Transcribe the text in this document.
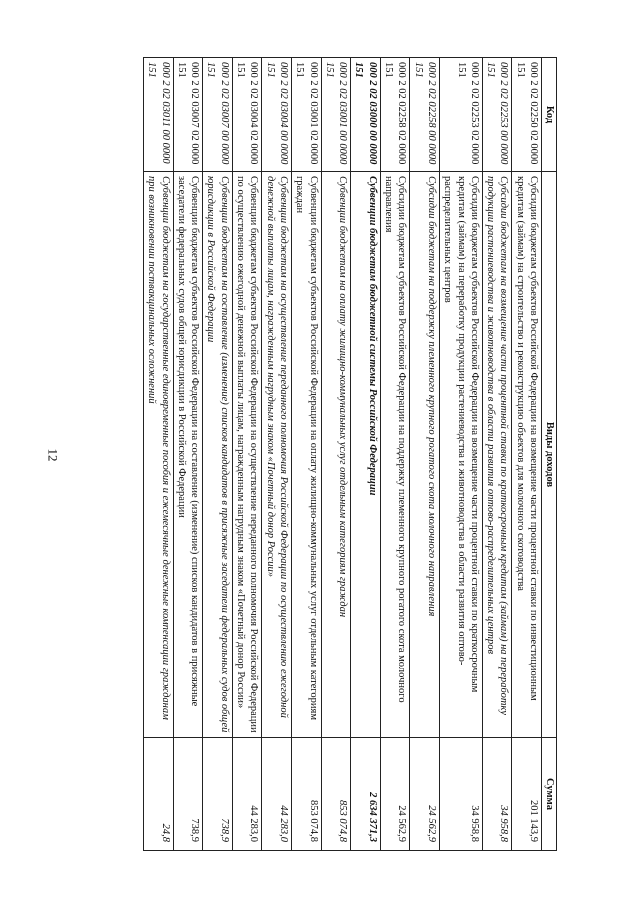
12
Код	Виды доходов	Сумма
000 2 02 02250 02 0000 151	Субсидии бюджетам субъектов Российской Федерации на возмещение части процентной ставки по инвестиционным кредитам (займам) на строительство и реконструкцию объектов для молочного скотоводства	201 143,9
000 2 02 02253 00 0000 151	Субсидии бюджетам на возмещение части процентной ставки по краткосрочным кредитам (займам) на переработку продукции растениеводства и животноводства в области развития оптово-распределительных центров	34 958,8
000 2 02 02253 02 0000 151	Субсидии бюджетам субъектов Российской Федерации на возмещение части процентной ставки по краткосрочным кредитам (займам) на переработку продукции растениеводства и животноводства в области развития оптово-распределительных центров	34 958,8
000 2 02 02258 00 0000 151	Субсидии бюджетам на поддержку племенного крупного рогатого скота молочного направления	24 562,9
000 2 02 02258 02 0000 151	Субсидии бюджетам субъектов Российской Федерации на поддержку племенного крупного рогатого скота молочного направления	24 562,9
000 2 02 03000 00 0000 151	Субвенции бюджетам бюджетной системы Российской Федерации	2 634 371,3
000 2 02 03001 00 0000 151	Субвенции бюджетам на оплату жилищно-коммунальных услуг отдельным категориям граждан	853 074,8
000 2 02 03001 02 0000 151	Субвенции бюджетам субъектов Российской Федерации на оплату жилищно-коммунальных услуг отдельным категориям граждан	853 074,8
000 2 02 03004 00 0000 151	Субвенции бюджетам на осуществление переданного полномочия Российской Федерации по осуществлению ежегодной денежной выплаты лицам, награжденным нагрудным знаком «Почетный донор России»	44 283,0
000 2 02 03004 02 0000 151	Субвенции бюджетам субъектов Российской Федерации на осуществление переданного полномочия Российской Федерации по осуществлению ежегодной денежной выплаты лицам, награжденным нагрудным знаком «Почетный донор России»	44 283,0
000 2 02 03007 00 0000 151	Субвенции бюджетам на составление (изменение) списков кандидатов в присяжные заседатели федеральных судов общей юрисдикции в Российской Федерации	738,9
000 2 02 03007 02 0000 151	Субвенции бюджетам субъектов Российской Федерации на составление (изменение) списков кандидатов в присяжные заседатели федеральных судов общей юрисдикции в Российской Федерации	738,9
000 2 02 03011 00 0000 151	Субвенции бюджетам на государственные единовременные пособия и ежемесячные денежные компенсации гражданам при возникновении поствакцинальных осложнений	24,8
